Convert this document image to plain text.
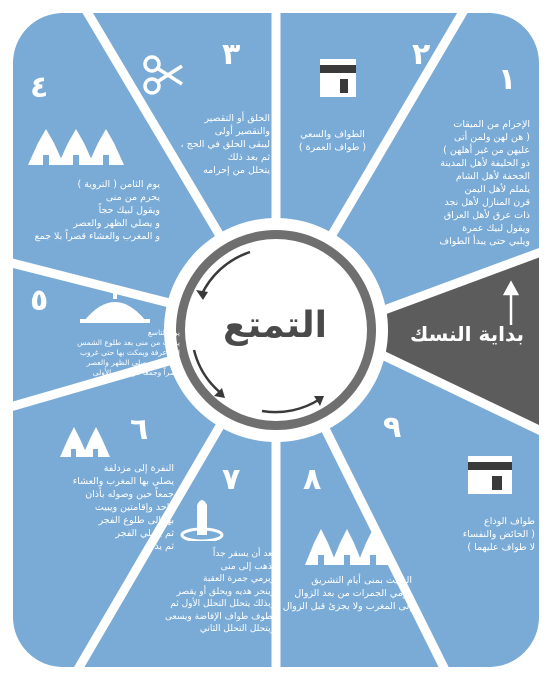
التمتع	بداية النسك
١
الإحرام من الميقات
( هن لهن ولمن أتى
عليهن من غير أهلهن )
ذو الحليفة لأهل المدينة
الجحفة لأهل الشام
يلملم لأهل اليمن
قرن المنازل لأهل نجد
ذات عرق لأهل العراق
ويقول لبيك عمرة
ويلبي حتى يبدأ الطواف
٢
الطواف والسعي
( طواف العمرة )
٣
الحلق أو التقصير
والتقصير أولى
ليبقى الحلق في الحج ،
ثم بعد ذلك
يتحلل من إحرامه
٤
يوم الثامن ( التروية )
يحرم من منى
ويقول لبيك حجاً
و يصلي الظهر والعصر
و المغرب والعشاء قصراً بلا جمع
٥
يوم التاسع
يذهب من منى بعد طلوع الشمس
إلى عرفة ويمكث بها حتى غروب
الشمس ويصلي الظهر والعصر
قصراً وجمعاً في وقت الأولى
٦
النفرة إلى مزدلفة
يصلي بها المغرب والعشاء
جمعاً حين وصوله بأذان
واحد وإقامتين ويبيت
بها إلى طلوع الفجر
ثم يصلي الفجر
ثم يدعو
٧
بعد أن يسفر جداً
يذهب إلى منى
ويرمي جمرة العقبة
وينحر هديه ويحلق أو يقصر
وبذلك يتحلل التحلل الأول ثم
يطوف طواف الإفاضة ويسعى
ويتحلل التحلل الثاني
٨
المبيت بمنى أيام التشريق
ورمي الجمرات من بعد الزوال
إلى المغرب ولا يجزئ قبل الزوال
٩
طواف الوداع
( الحائض والنفساء
لا طواف عليهما )
